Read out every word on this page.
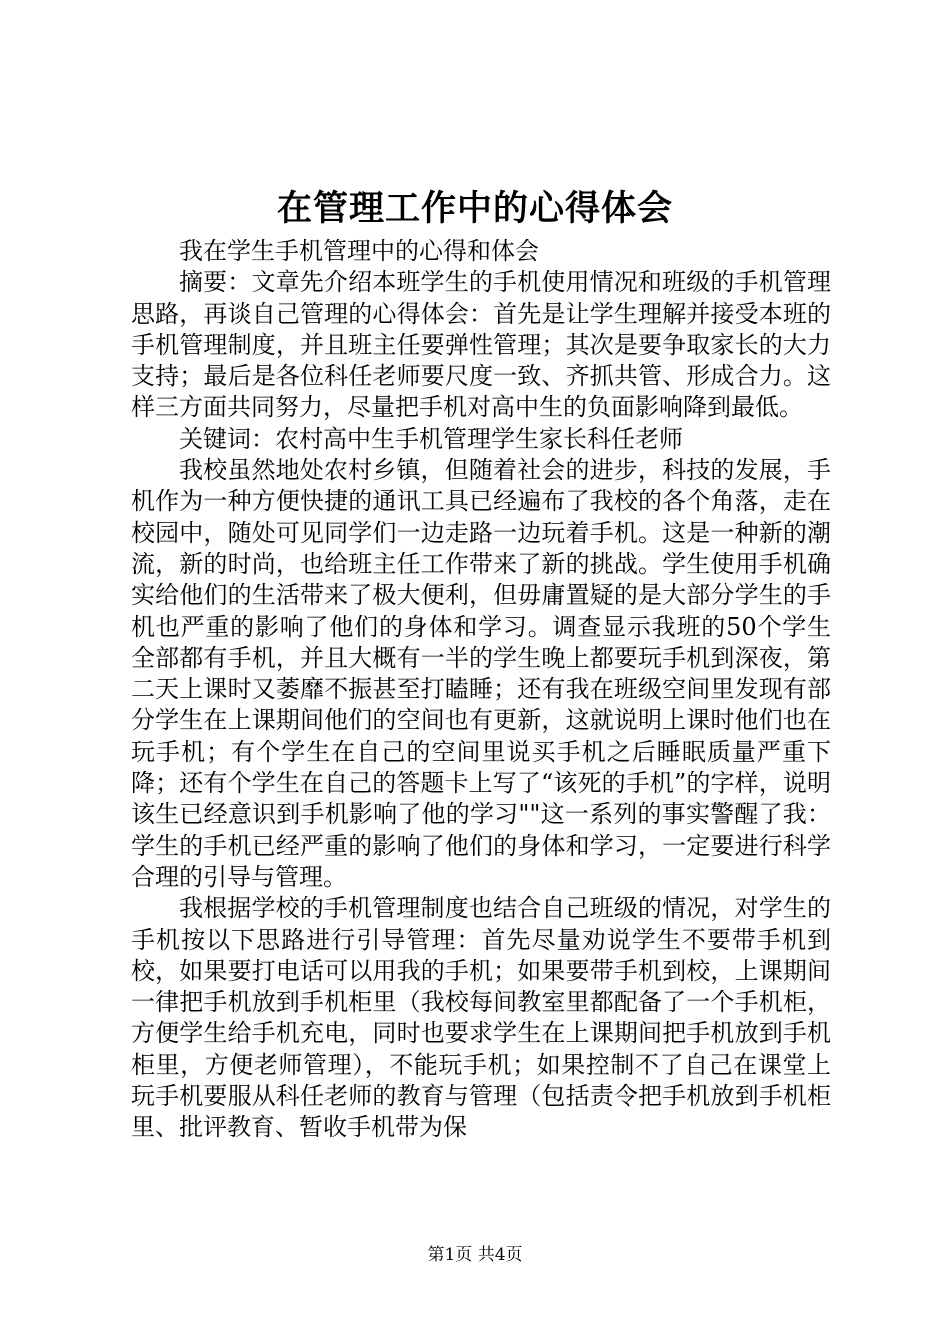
在管理工作中的心得体会

我在学生手机管理中的心得和体会

摘要：文章先介绍本班学生的手机使用情况和班级的手机管理思路，再谈自己管理的心得体会：首先是让学生理解并接受本班的手机管理制度，并且班主任要弹性管理；其次是要争取家长的大力支持；最后是各位科任老师要尺度一致、齐抓共管、形成合力。这样三方面共同努力，尽量把手机对高中生的负面影响降到最低。

关键词：农村高中生手机管理学生家长科任老师

我校虽然地处农村乡镇，但随着社会的进步，科技的发展，手机作为一种方便快捷的通讯工具已经遍布了我校的各个角落，走在校园中，随处可见同学们一边走路一边玩着手机。这是一种新的潮流，新的时尚，也给班主任工作带来了新的挑战。学生使用手机确实给他们的生活带来了极大便利，但毋庸置疑的是大部分学生的手机也严重的影响了他们的身体和学习。调查显示我班的50个学生全部都有手机，并且大概有一半的学生晚上都要玩手机到深夜，第二天上课时又萎靡不振甚至打瞌睡；还有我在班级空间里发现有部分学生在上课期间他们的空间也有更新，这就说明上课时他们也在玩手机；有个学生在自己的空间里说买手机之后睡眠质量严重下降；还有个学生在自己的答题卡上写了“该死的手机”的字样，说明该生已经意识到手机影响了他的学习""这一系列的事实警醒了我：学生的手机已经严重的影响了他们的身体和学习，一定要进行科学合理的引导与管理。

我根据学校的手机管理制度也结合自己班级的情况，对学生的手机按以下思路进行引导管理：首先尽量劝说学生不要带手机到校，如果要打电话可以用我的手机；如果要带手机到校，上课期间一律把手机放到手机柜里（我校每间教室里都配备了一个手机柜，方便学生给手机充电，同时也要求学生在上课期间把手机放到手机柜里，方便老师管理），不能玩手机；如果控制不了自己在课堂上玩手机要服从科任老师的教育与管理（包括责令把手机放到手机柜里、批评教育、暂收手机带为保

第1页 共4页
